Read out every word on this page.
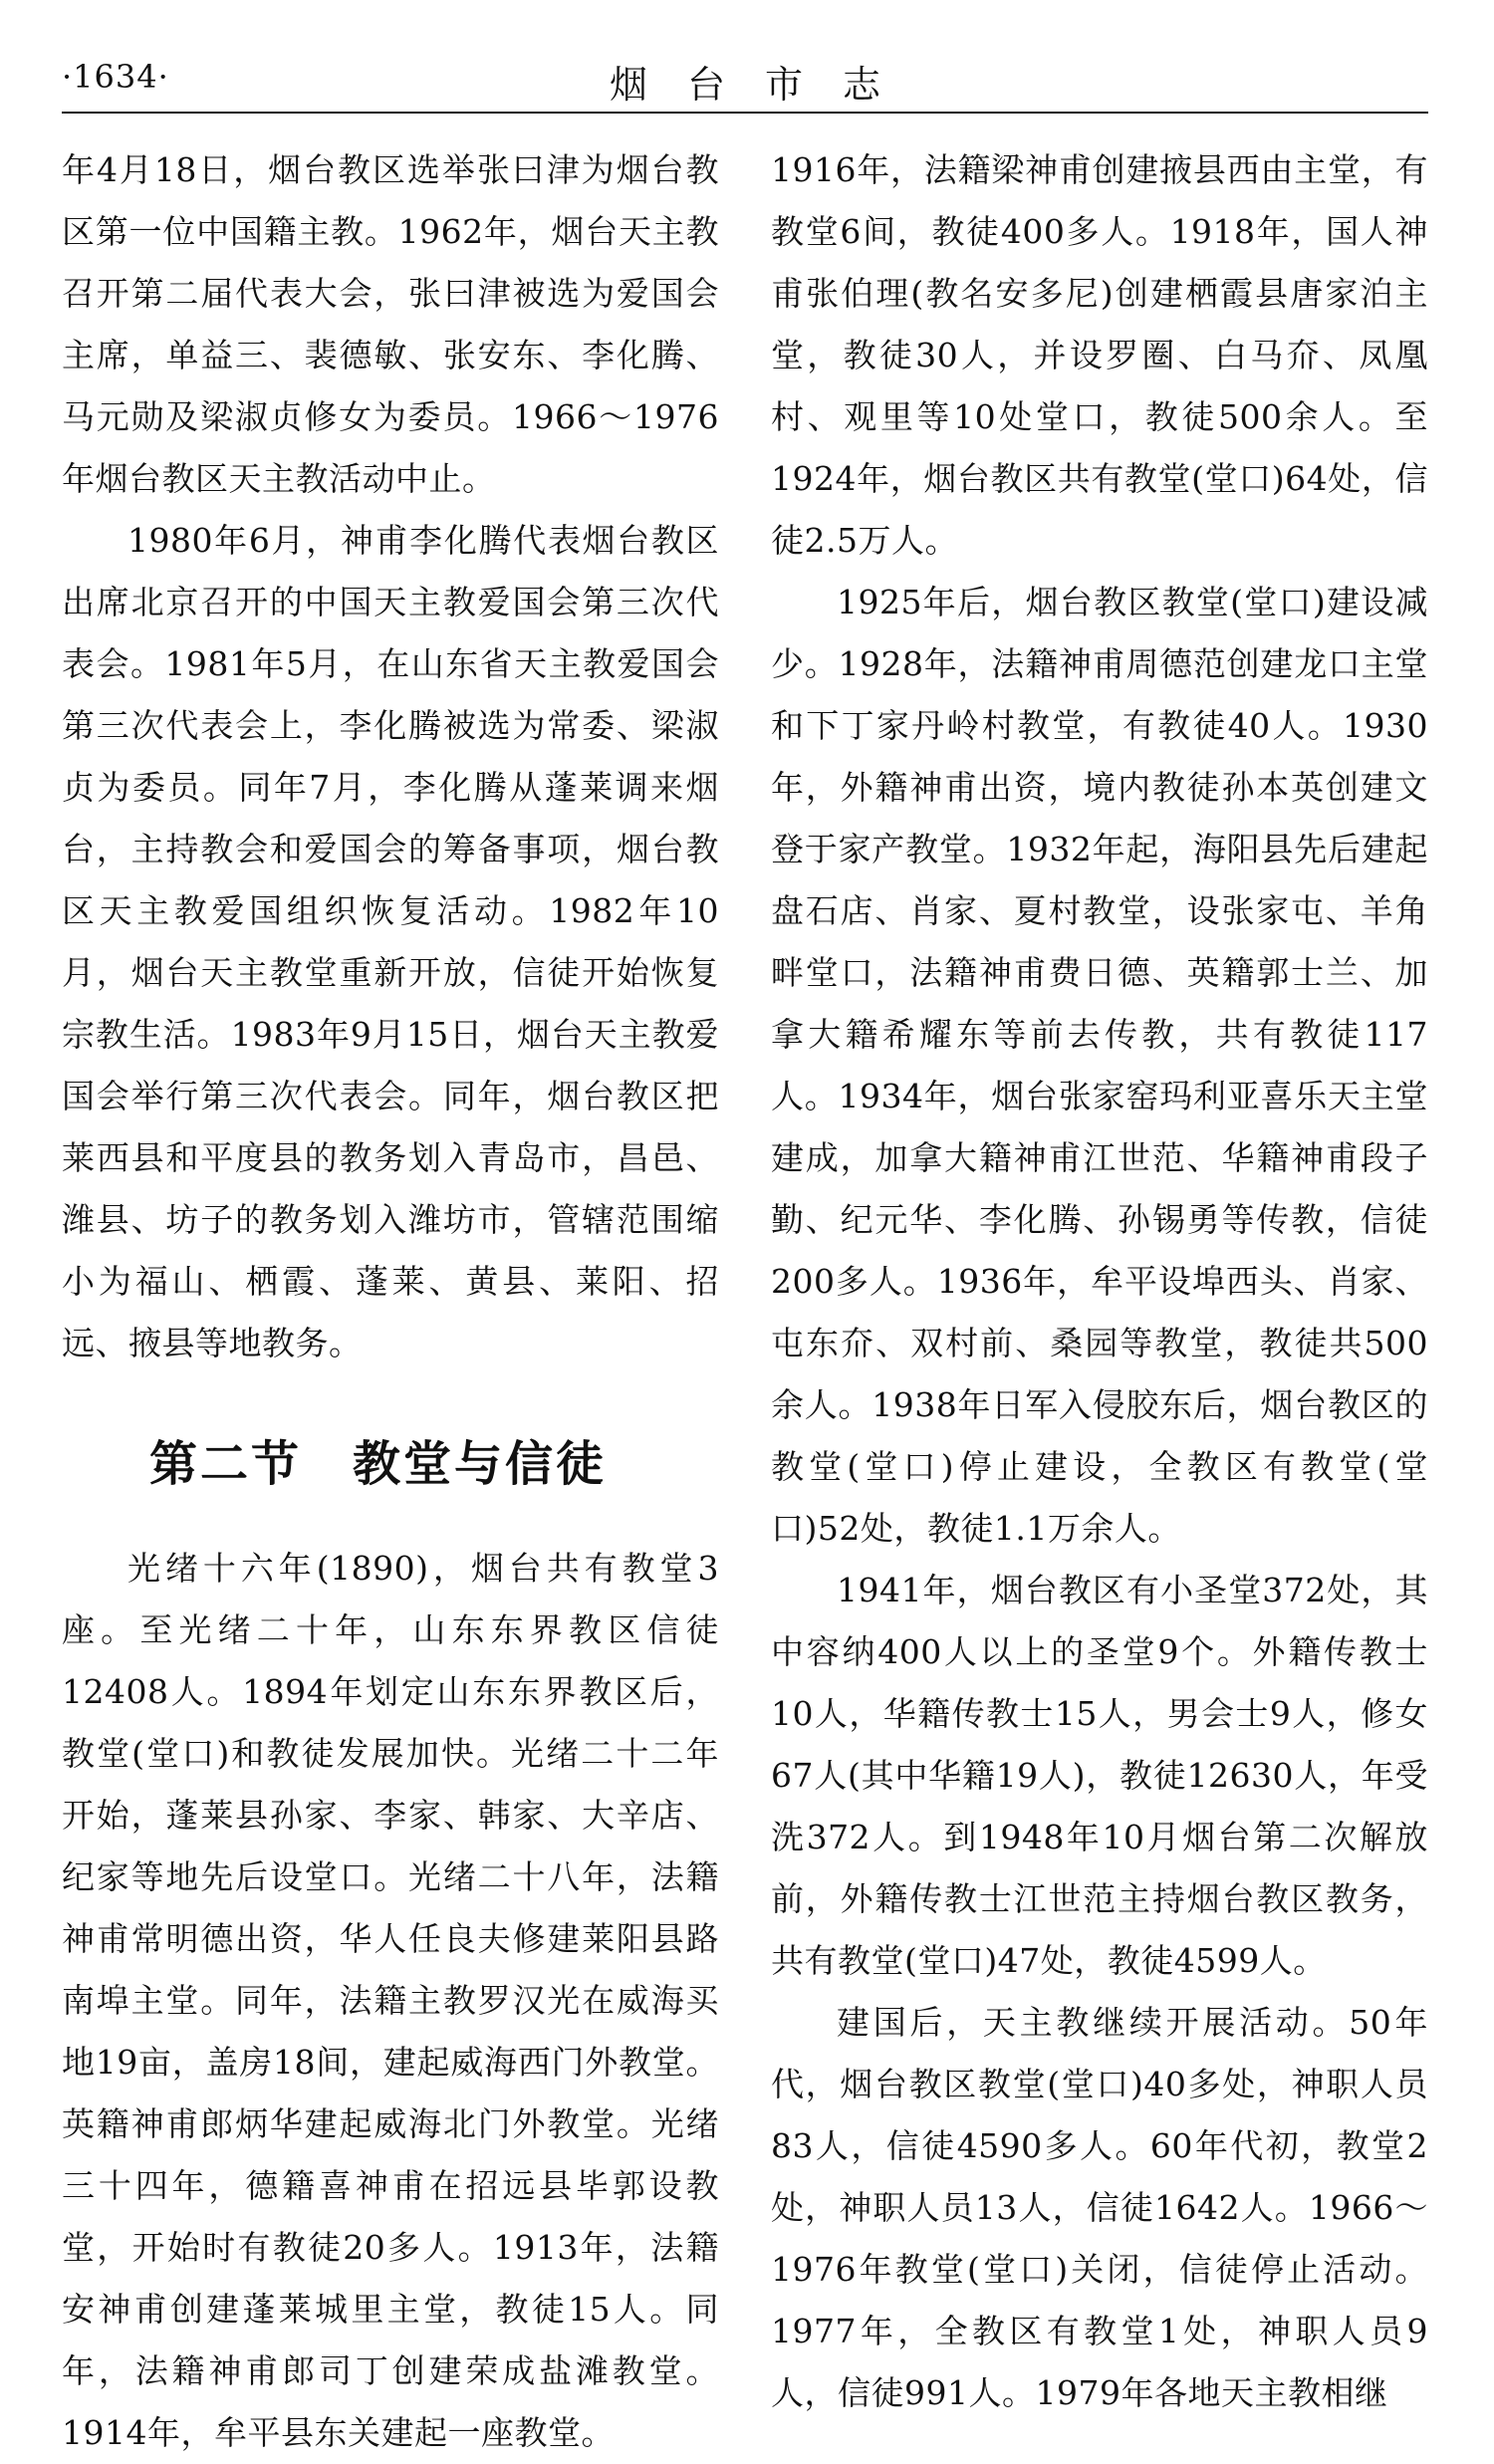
·1634·	烟台市志

年4月18日，烟台教区选举张曰津为烟台教区第一位中国籍主教。1962年，烟台天主教召开第二届代表大会，张曰津被选为爱国会主席，单益三、裴德敏、张安东、李化腾、马元勋及梁淑贞修女为委员。1966～1976年烟台教区天主教活动中止。

1980年6月，神甫李化腾代表烟台教区出席北京召开的中国天主教爱国会第三次代表会。1981年5月，在山东省天主教爱国会第三次代表会上，李化腾被选为常委、梁淑贞为委员。同年7月，李化腾从蓬莱调来烟台，主持教会和爱国会的筹备事项，烟台教区天主教爱国组织恢复活动。1982年10月，烟台天主教堂重新开放，信徒开始恢复宗教生活。1983年9月15日，烟台天主教爱国会举行第三次代表会。同年，烟台教区把莱西县和平度县的教务划入青岛市，昌邑、潍县、坊子的教务划入潍坊市，管辖范围缩小为福山、栖霞、蓬莱、黄县、莱阳、招远、掖县等地教务。

第二节　教堂与信徒

光绪十六年(1890)，烟台共有教堂3座。至光绪二十年，山东东界教区信徒12408人。1894年划定山东东界教区后，教堂(堂口)和教徒发展加快。光绪二十二年开始，蓬莱县孙家、李家、韩家、大辛店、纪家等地先后设堂口。光绪二十八年，法籍神甫常明德出资，华人任良夫修建莱阳县路南埠主堂。同年，法籍主教罗汉光在威海买地19亩，盖房18间，建起威海西门外教堂。英籍神甫郎炳华建起威海北门外教堂。光绪三十四年，德籍喜神甫在招远县毕郭设教堂，开始时有教徒20多人。1913年，法籍安神甫创建蓬莱城里主堂，教徒15人。同年，法籍神甫郎司丁创建荣成盐滩教堂。1914年，牟平县东关建起一座教堂。

1916年，法籍梁神甫创建掖县西由主堂，有教堂6间，教徒400多人。1918年，国人神甫张伯理(教名安多尼)创建栖霞县唐家泊主堂，教徒30人，并设罗圈、白马夼、凤凰村、观里等10处堂口，教徒500余人。至1924年，烟台教区共有教堂(堂口)64处，信徒2.5万人。

1925年后，烟台教区教堂(堂口)建设减少。1928年，法籍神甫周德范创建龙口主堂和下丁家丹岭村教堂，有教徒40人。1930年，外籍神甫出资，境内教徒孙本英创建文登于家产教堂。1932年起，海阳县先后建起盘石店、肖家、夏村教堂，设张家屯、羊角畔堂口，法籍神甫费日德、英籍郭士兰、加拿大籍希耀东等前去传教，共有教徒117人。1934年，烟台张家窑玛利亚喜乐天主堂建成，加拿大籍神甫江世范、华籍神甫段子勤、纪元华、李化腾、孙锡勇等传教，信徒200多人。1936年，牟平设埠西头、肖家、屯东夼、双村前、桑园等教堂，教徒共500余人。1938年日军入侵胶东后，烟台教区的教堂(堂口)停止建设，全教区有教堂(堂口)52处，教徒1.1万余人。

1941年，烟台教区有小圣堂372处，其中容纳400人以上的圣堂9个。外籍传教士10人，华籍传教士15人，男会士9人，修女67人(其中华籍19人)，教徒12630人，年受洗372人。到1948年10月烟台第二次解放前，外籍传教士江世范主持烟台教区教务，共有教堂(堂口)47处，教徒4599人。

建国后，天主教继续开展活动。50年代，烟台教区教堂(堂口)40多处，神职人员83人，信徒4590多人。60年代初，教堂2处，神职人员13人，信徒1642人。1966～1976年教堂(堂口)关闭，信徒停止活动。1977年，全教区有教堂1处，神职人员9人，信徒991人。1979年各地天主教相继
